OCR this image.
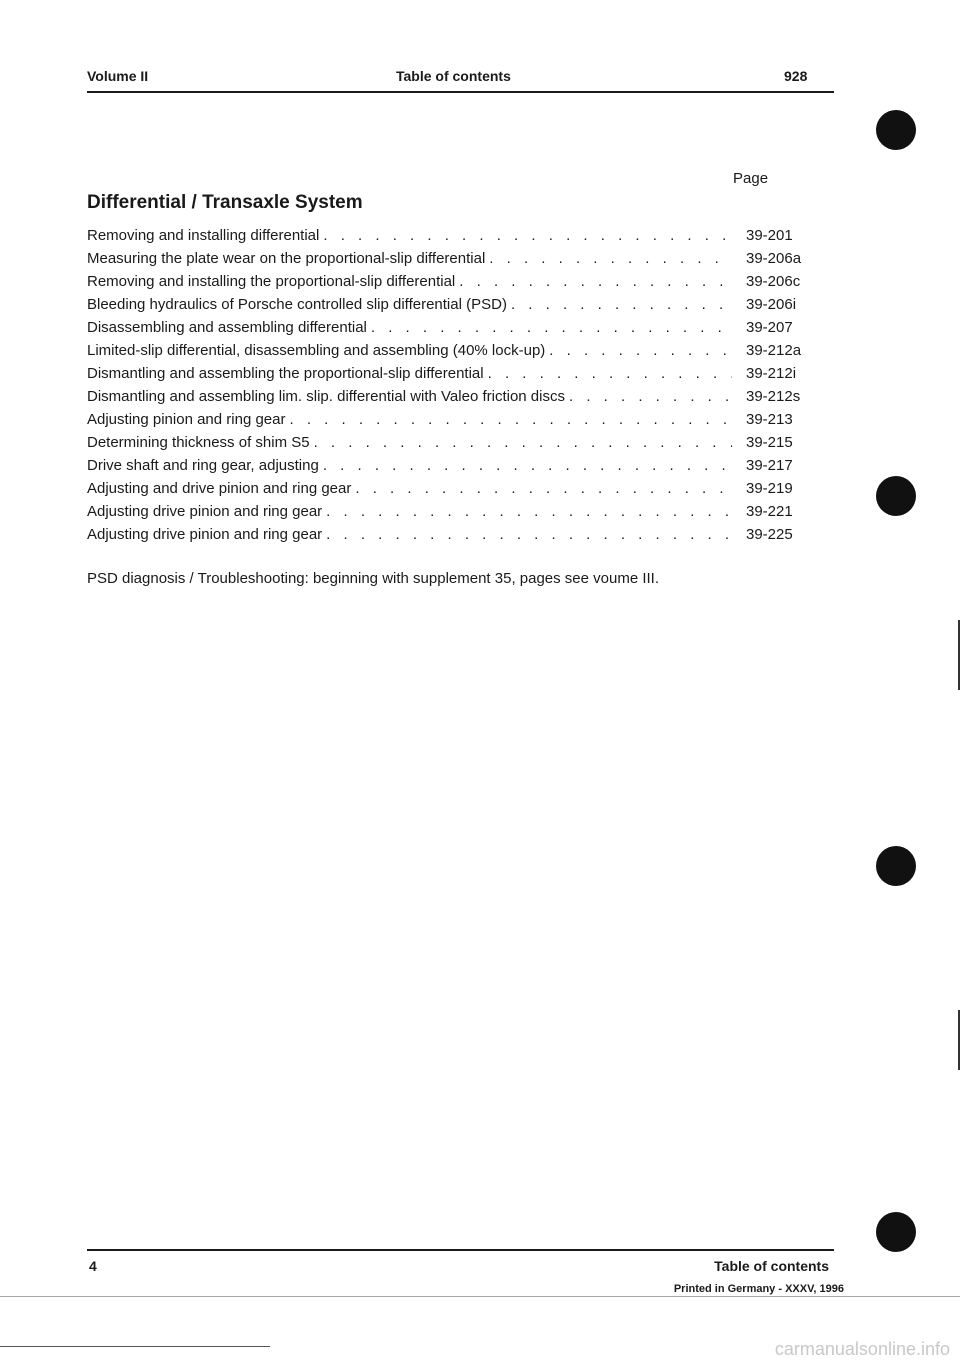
Volume II	Table of contents	928
Page
Differential / Transaxle System
Removing and installing differential . . .	39-201
Measuring the plate wear on the proportional-slip differential . . .	39-206a
Removing and installing the proportional-slip differential . . .	39-206c
Bleeding hydraulics of Porsche controlled slip differential (PSD) . . .	39-206i
Disassembling and assembling differential . . .	39-207
Limited-slip differential, disassembling and assembling (40% lock-up) . . .	39-212a
Dismantling and assembling the proportional-slip differential . . .	39-212i
Dismantling and assembling lim. slip. differential with Valeo friction discs . . .	39-212s
Adjusting pinion and ring gear . . .	39-213
Determining thickness of shim S5 . . .	39-215
Drive shaft and ring gear, adjusting . . .	39-217
Adjusting and drive pinion and ring gear . . .	39-219
Adjusting drive pinion and ring gear . . .	39-221
Adjusting drive pinion and ring gear . . .	39-225

PSD diagnosis / Troubleshooting: beginning with supplement 35, pages see voume III.

4	Table of contents
Printed in Germany - XXXV, 1996
carmanualsonline.info
